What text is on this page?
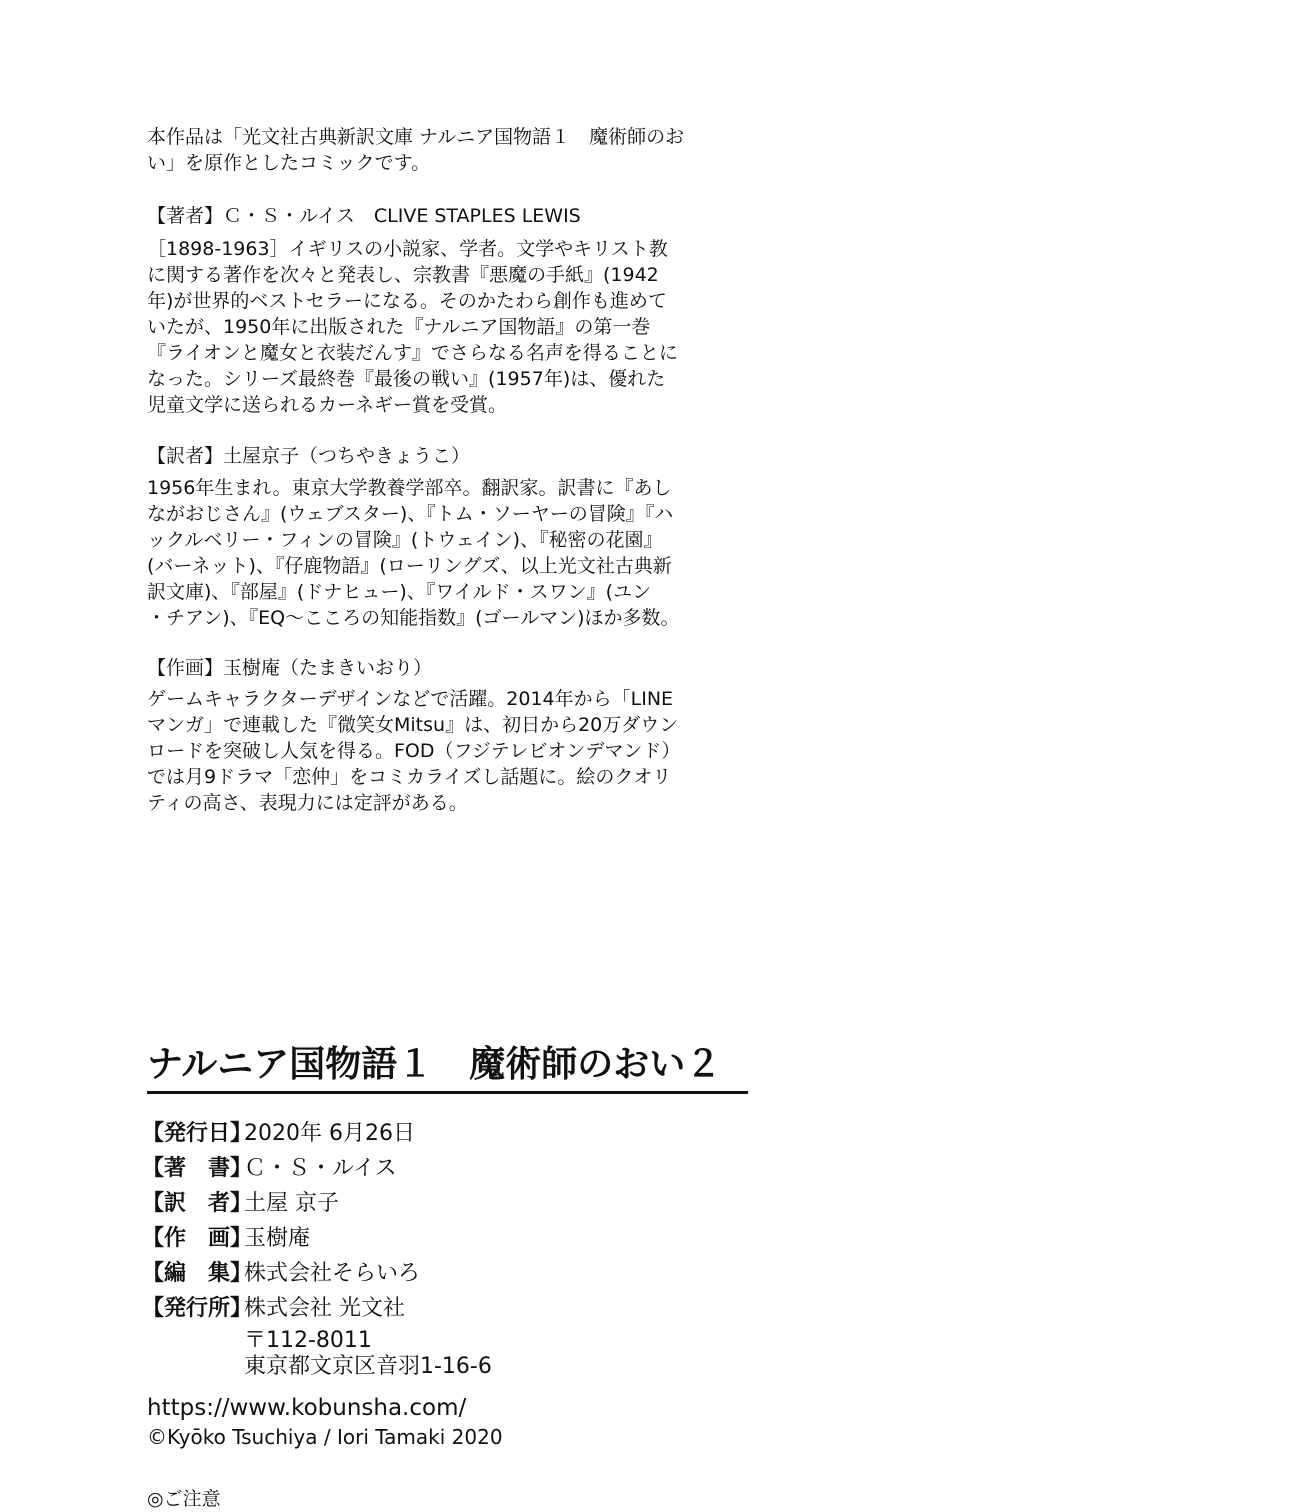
本作品は「光文社古典新訳文庫 ナルニア国物語１　魔術師のお
い」を原作としたコミックです。
【著者】Ｃ・Ｓ・ルイス　CLIVE STAPLES LEWIS
［1898-1963］イギリスの小説家、学者。文学やキリスト教
に関する著作を次々と発表し、宗教書『悪魔の手紙』(1942
年)が世界的ベストセラーになる。そのかたわら創作も進めて
いたが、1950年に出版された『ナルニア国物語』の第一巻
『ライオンと魔女と衣装だんす』でさらなる名声を得ることに
なった。シリーズ最終巻『最後の戦い』(1957年)は、優れた
児童文学に送られるカーネギー賞を受賞。
【訳者】土屋京子（つちやきょうこ）
1956年生まれ。東京大学教養学部卒。翻訳家。訳書に『あし
ながおじさん』(ウェブスター)、『トム・ソーヤーの冒険』『ハ
ックルベリー・フィンの冒険』(トウェイン)、『秘密の花園』
(バーネット)、『仔鹿物語』(ローリングズ、以上光文社古典新
訳文庫)、『部屋』(ドナヒュー)、『ワイルド・スワン』(ユン
・チアン)、『EQ〜こころの知能指数』(ゴールマン)ほか多数。
【作画】玉樹庵（たまきいおり）
ゲームキャラクターデザインなどで活躍。2014年から「LINE
マンガ」で連載した『微笑女Mitsu』は、初日から20万ダウン
ロードを突破し人気を得る。FOD（フジテレビオンデマンド）
では月9ドラマ「恋仲」をコミカライズし話題に。絵のクオリ
ティの高さ、表現力には定評がある。
ナルニア国物語１　魔術師のおい２
【発行日】2020年 6月26日
【著　書】Ｃ・Ｓ・ルイス
【訳　者】土屋 京子
【作　画】玉樹庵
【編　集】株式会社そらいろ
【発行所】株式会社 光文社
〒112-8011
東京都文京区音羽1-16-6
https://www.kobunsha.com/
©Kyōko Tsuchiya / Iori Tamaki 2020
◎ご注意
